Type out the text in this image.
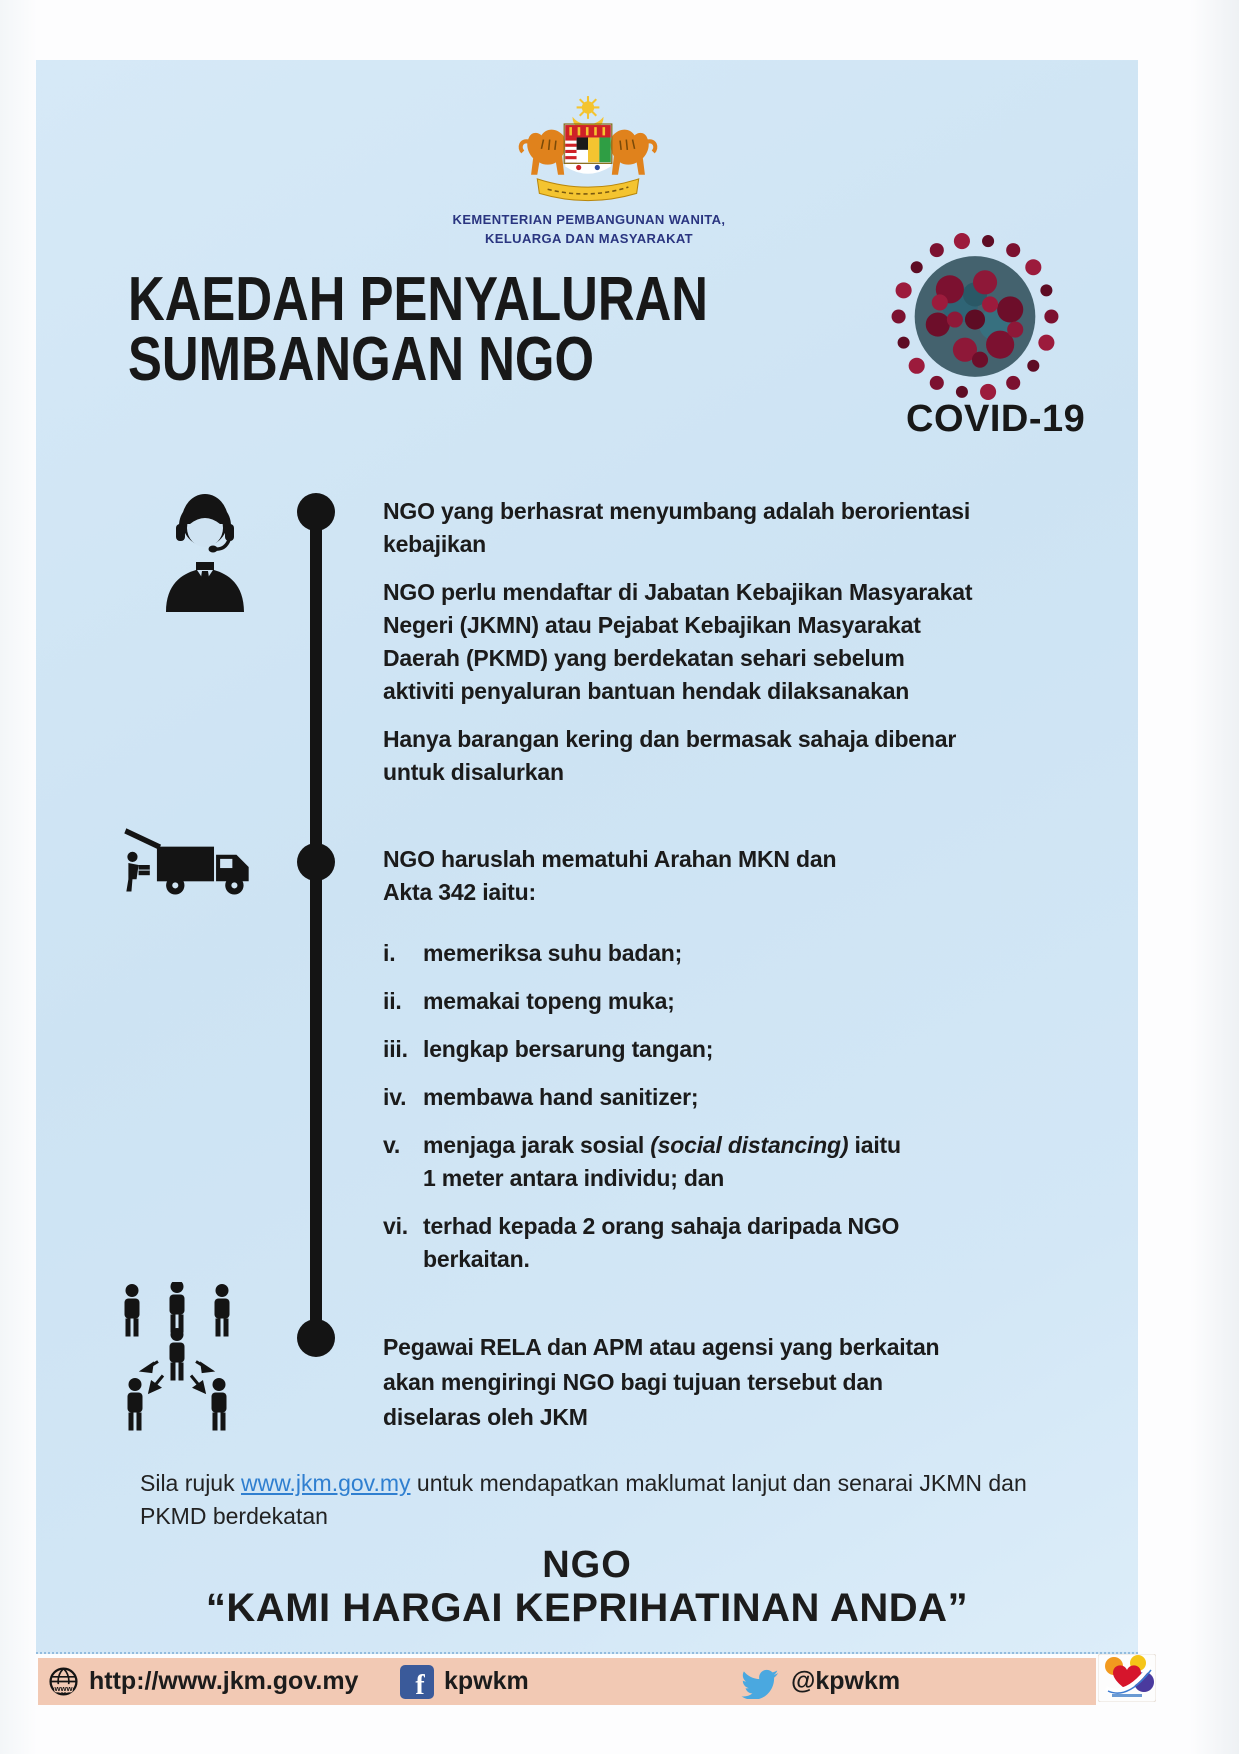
KEMENTERIAN PEMBANGUNAN WANITA,
KELUARGA DAN MASYARAKAT
KAEDAH PENYALURAN
SUMBANGAN NGO
COVID-19

NGO yang berhasrat menyumbang adalah berorientasi
kebajikan

NGO perlu mendaftar di Jabatan Kebajikan Masyarakat
Negeri (JKMN) atau Pejabat Kebajikan Masyarakat
Daerah (PKMD) yang berdekatan sehari sebelum
aktiviti penyaluran bantuan hendak dilaksanakan

Hanya barangan kering dan bermasak sahaja dibenar
untuk disalurkan

NGO haruslah mematuhi Arahan MKN dan
Akta 342 iaitu:
i.	memeriksa suhu badan;
ii. memakai topeng muka;
iii. lengkap bersarung tangan;
iv. membawa hand sanitizer;
v. menjaga jarak sosial (social distancing) iaitu
1 meter antara individu; dan
vi. terhad kepada 2 orang sahaja daripada NGO
berkaitan.
Pegawai RELA dan APM atau agensi yang berkaitan
akan mengiringi NGO bagi tujuan tersebut dan
diselaras oleh JKM
Sila rujuk www.jkm.gov.my untuk mendapatkan maklumat lanjut dan senarai JKMN dan
PKMD berdekatan
NGO
“KAMI HARGAI KEPRIHATINAN ANDA”
www http://www.jkm.gov.my f kpwkm	@kpwkm
